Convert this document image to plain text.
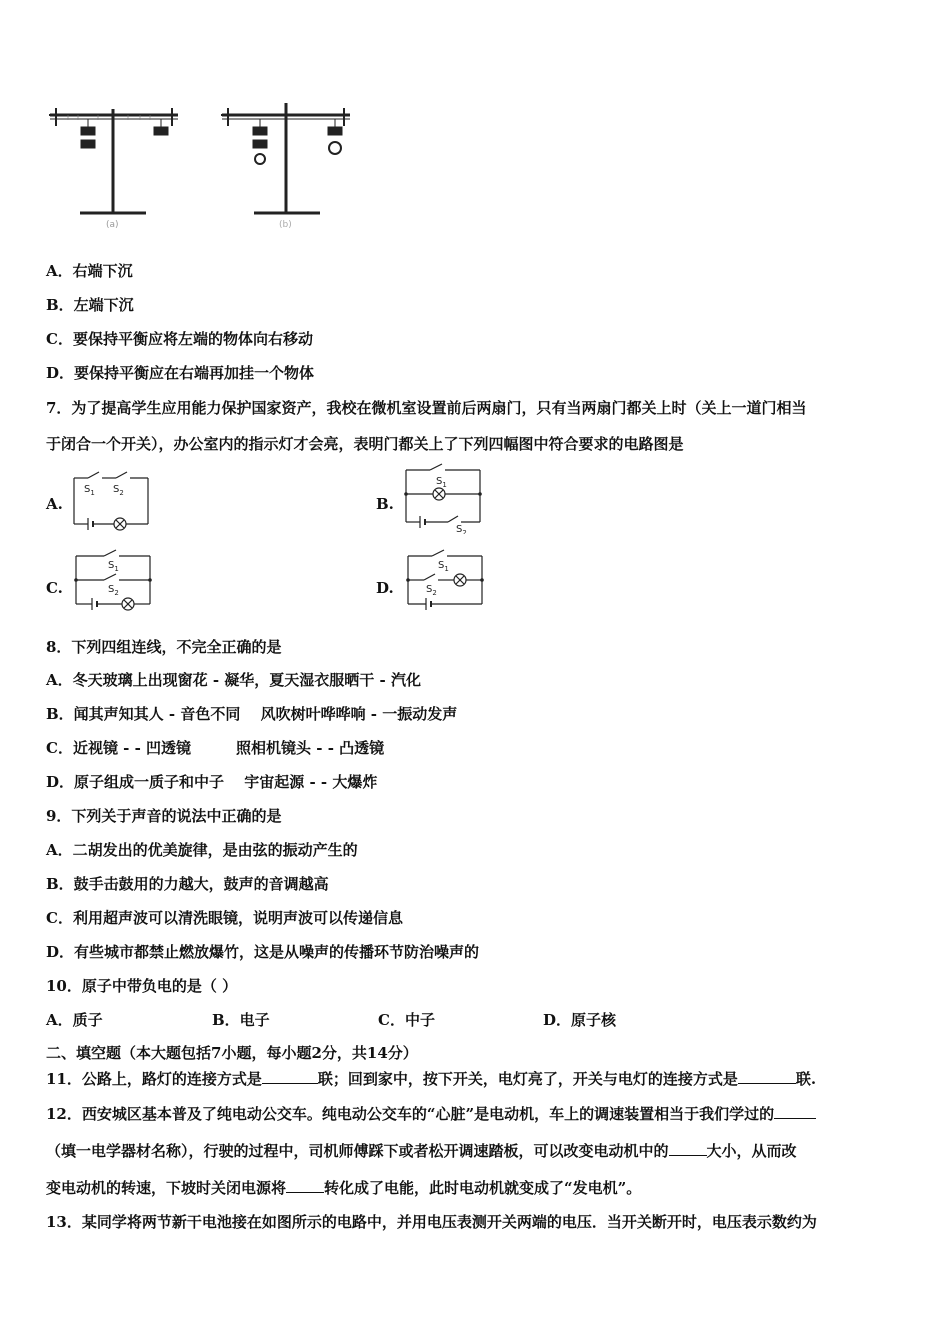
(a)	(b)
A．右端下沉
B．左端下沉
C．要保持平衡应将左端的物体向右移动
D．要保持平衡应在右端再加挂一个物体
7．为了提高学生应用能力保护国家资产，我校在微机室设置前后两扇门，只有当两扇门都关上时（关上一道门相当
于闭合一个开关），办公室内的指示灯才会亮，表明门都关上了下列四幅图中符合要求的电路图是
A.	B.
C.	D.
$S_1$ $S_2$
$S_1$
$S_2$
$S_1$
$S_2$
$S_1$
$S_2$
8．下列四组连线，不完全正确的是
A．冬天玻璃上出现窗花 - 凝华，夏天湿衣服晒干 - 汽化
B．闻其声知其人 - 音色不同　 风吹树叶哗哗响 - 一振动发声
C．近视镜 - - 凹透镜　　　照相机镜头 - - 凸透镜
D．原子组成一质子和中子　 宇宙起源 - - 大爆炸
9．下列关于声音的说法中正确的是
A．二胡发出的优美旋律，是由弦的振动产生的
B．鼓手击鼓用的力越大，鼓声的音调越高
C．利用超声波可以清洗眼镜，说明声波可以传递信息
D．有些城市都禁止燃放爆竹，这是从噪声的传播环节防治噪声的
10．原子中带负电的是（ ）
A．质子	B．电子	C．中子	D．原子核
二、填空题（本大题包括7小题，每小题2分，共14分）
11．公路上，路灯的连接方式是	联；回到家中，按下开关，电灯亮了，开关与电灯的连接方式是	联.
12．西安城区基本普及了纯电动公交车。纯电动公交车的“心脏”是电动机，车上的调速装置相当于我们学过的
（填一电学器材名称），行驶的过程中，司机师傅踩下或者松开调速踏板，可以改变电动机中的	大小，从而改
变电动机的转速，下坡时关闭电源将	转化成了电能，此时电动机就变成了“发电机”。
13．某同学将两节新干电池接在如图所示的电路中，并用电压表测开关两端的电压．当开关断开时，电压表示数约为
